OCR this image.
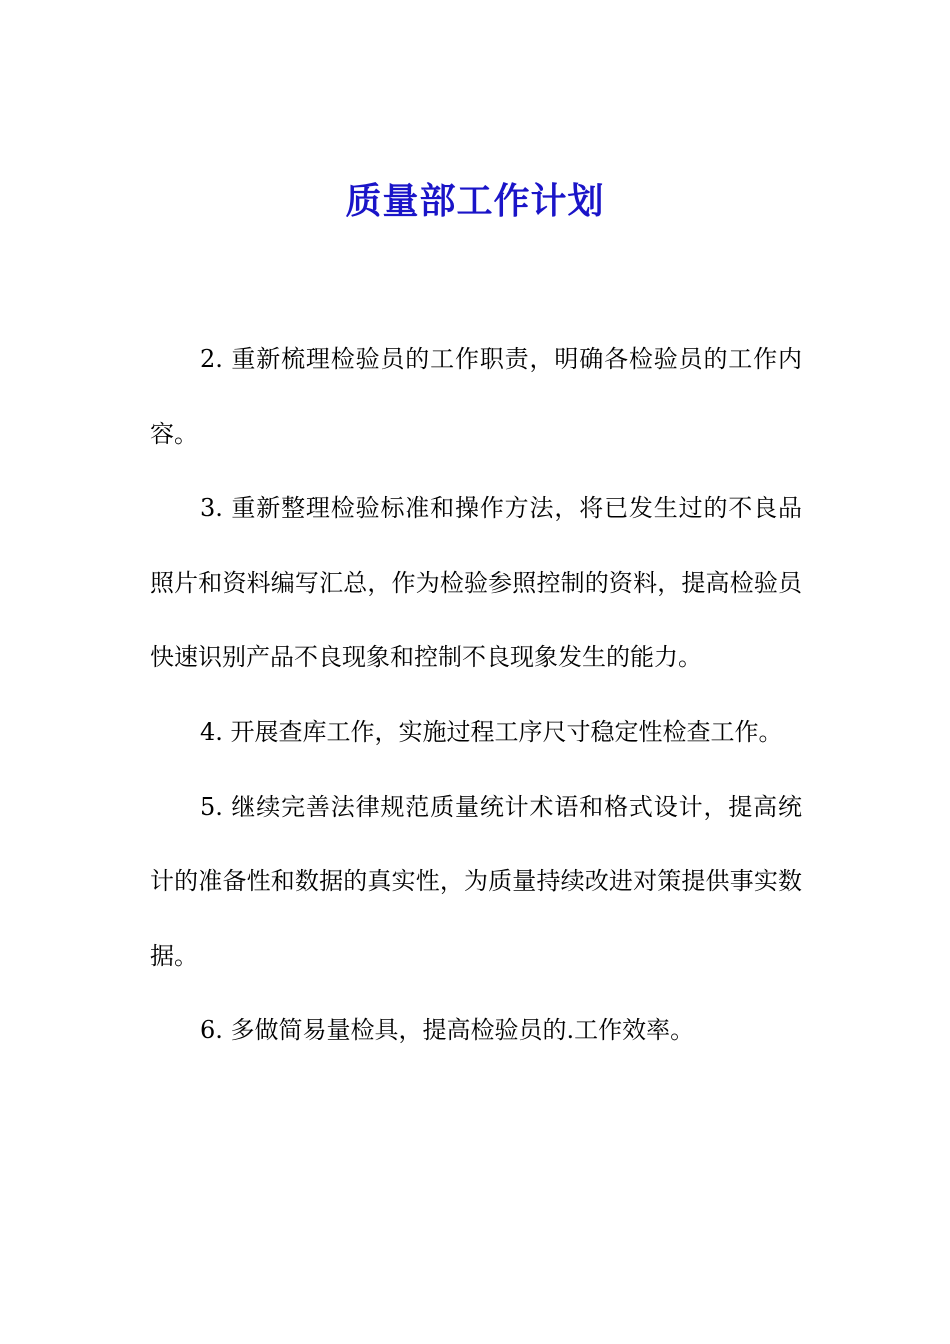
质量部工作计划

2. 重新梳理检验员的工作职责，明确各检验员的工作内容。

3. 重新整理检验标准和操作方法，将已发生过的不良品照片和资料编写汇总，作为检验参照控制的资料，提高检验员快速识别产品不良现象和控制不良现象发生的能力。

4. 开展查库工作，实施过程工序尺寸稳定性检查工作。

5. 继续完善法律规范质量统计术语和格式设计，提高统计的准备性和数据的真实性，为质量持续改进对策提供事实数据。

6. 多做简易量检具，提高检验员的.工作效率。
